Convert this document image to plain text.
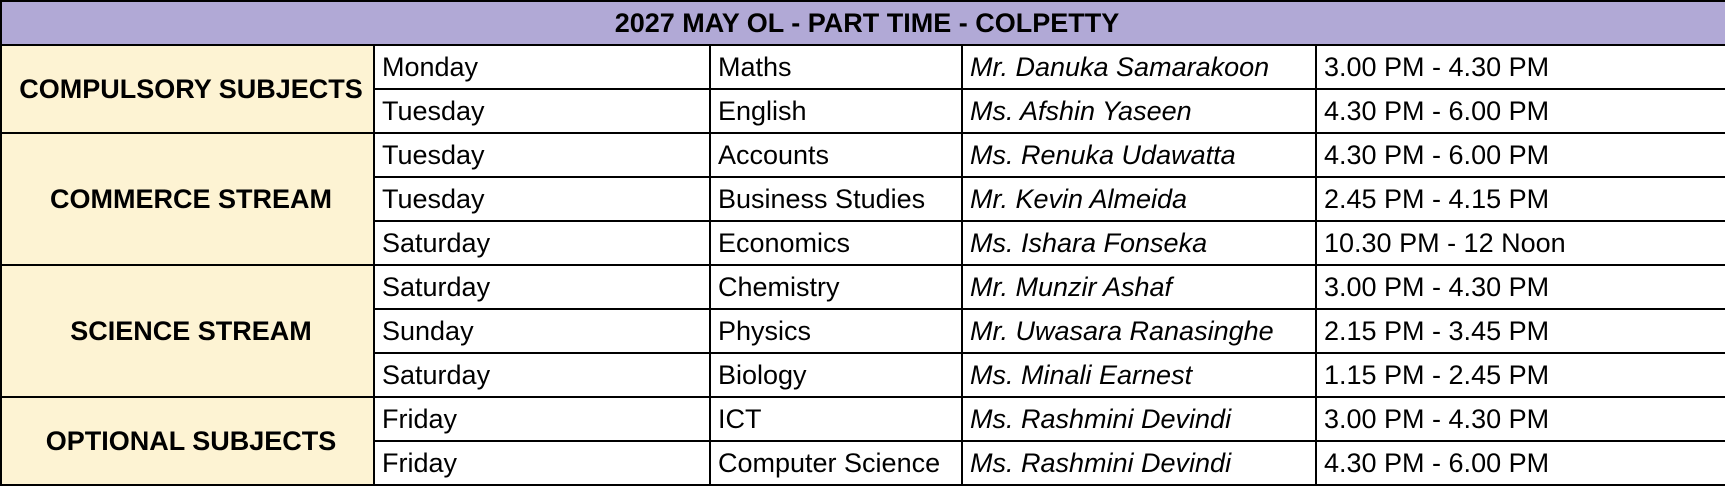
2027 MAY OL - PART TIME - COLPETTY				
COMPULSORY SUBJECTS	Monday	Maths	Mr. Danuka Samarakoon	3.00 PM - 4.30 PM
	Tuesday	English	Ms. Afshin Yaseen	4.30 PM - 6.00 PM
COMMERCE STREAM	Tuesday	Accounts	Ms. Renuka Udawatta	4.30 PM - 6.00 PM
	Tuesday	Business Studies	Mr. Kevin Almeida	2.45 PM - 4.15 PM
	Saturday	Economics	Ms. Ishara Fonseka	10.30 PM - 12 Noon
SCIENCE STREAM	Saturday	Chemistry	Mr. Munzir Ashaf	3.00 PM - 4.30 PM
	Sunday	Physics	Mr. Uwasara Ranasinghe	2.15 PM - 3.45 PM
	Saturday	Biology	Ms. Minali Earnest	1.15 PM - 2.45 PM
OPTIONAL SUBJECTS	Friday	ICT	Ms. Rashmini Devindi	3.00 PM - 4.30 PM
	Friday	Computer Science	Ms. Rashmini Devindi	4.30 PM - 6.00 PM
